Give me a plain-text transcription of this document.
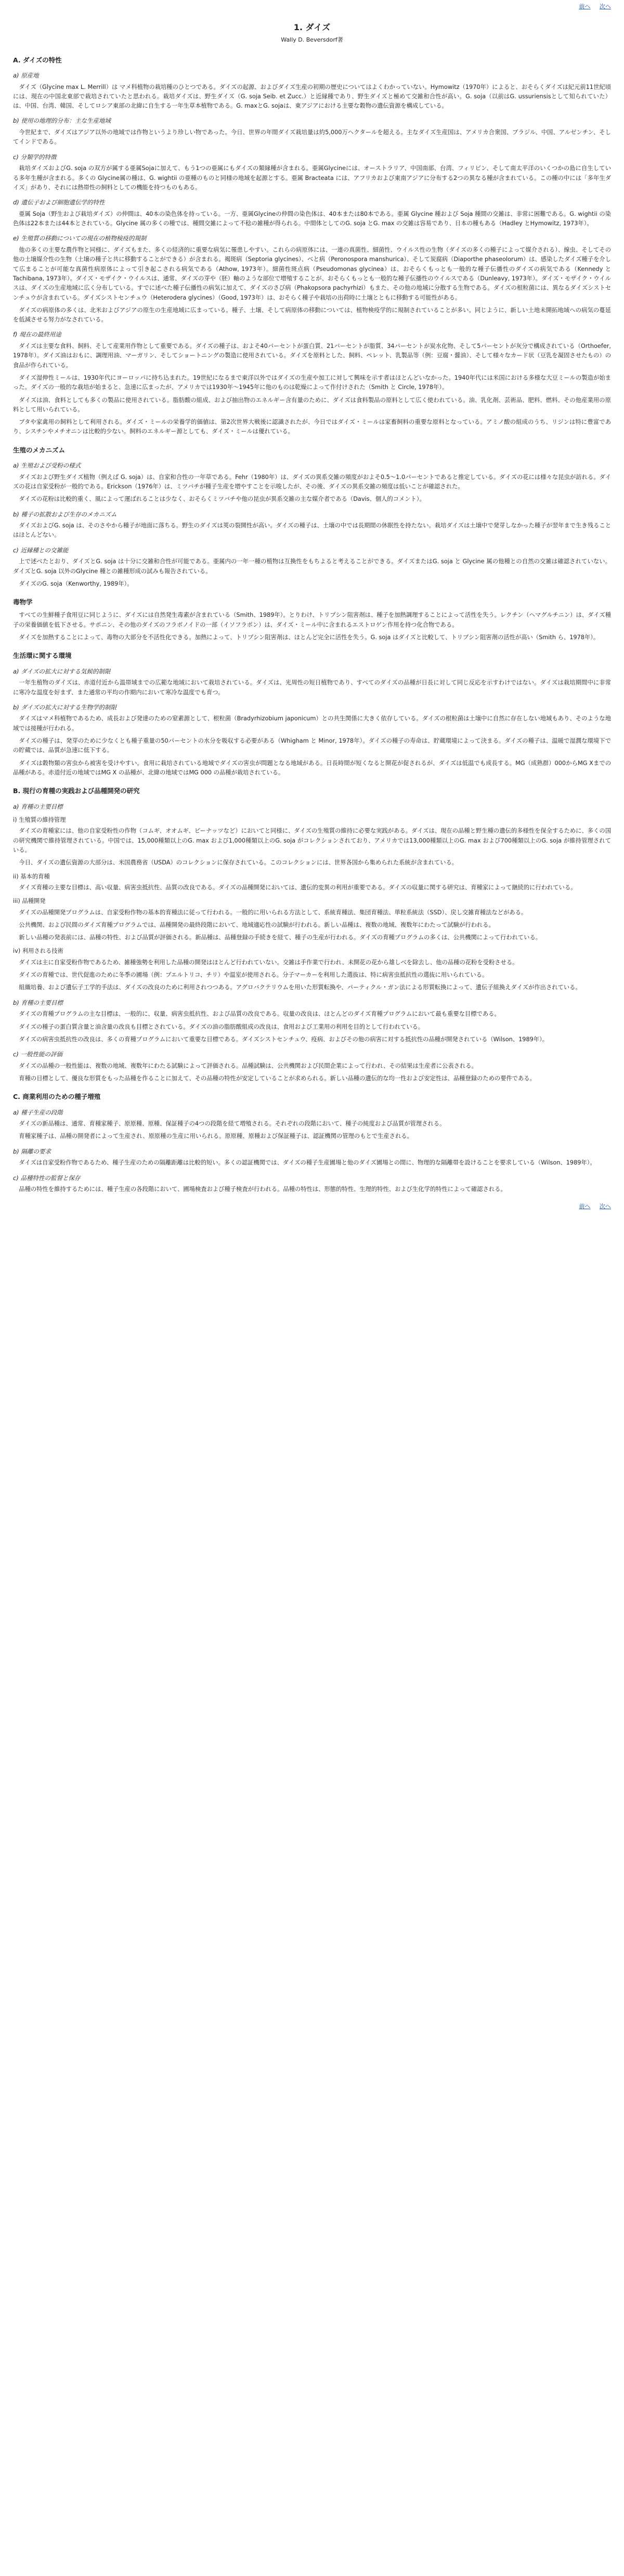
前へ 次へ
1. ダイズ
Wally D. Beversdorf著
A. ダイズの特性
a) 原産地

ダイズ（Glycine max L. Merrill）は マメ科植物の栽培種のひとつである。ダイズの起源、およびダイズ生産の初期の歴史についてはよくわかっていない。Hymowitz（1970年）によると、おそらくダイズは紀元前11世紀頃には、現在の中国北東部で栽培されていたと思われる。栽培ダイズは、野生ダイズ（G. soja Seib. et Zucc.）と近縁種であり、野生ダイズと極めて交雑和合性が高い。G. soja（以前はG. ussuriensisとして知られていた）は、中国、台湾、韓国、そしてロシア東部の北緯に自生する一年生草本植物である。G. maxとG. sojaは、東アジアにおける主要な穀物の遺伝資源を構成している。

b) 使用の地理的分布：主な生産地域

今世紀まで、ダイズはアジア以外の地域では作物というより珍しい物であった。今日、世界の年間ダイズ栽培量は約5,000万ヘクタールを超える。主なダイズ生産国は、アメリカ合衆国、ブラジル、中国、アルゼンチン、そしてインドである。

c) 分類学的特徴

栽培ダイズおよびG. soja の双方が属する亜属Sojaに加えて、もう1つの亜属にもダイズの類縁種が含まれる。亜属Glycineには、オーストラリア、中国南部、台湾、フィリピン、そして南太平洋のいくつかの島に自生している多年生種が含まれる。多くの Glycine属の種は、G. wightii の亜種のものと同様の地域を起源とする。亜属 Bracteata には、アフリカおよび東南アジアに分布する2つの異なる種が含まれている。この種の中には「多年生ダイズ」があり、それには熱帯性の飼料としての機能を持つものもある。

d) 遺伝子および細胞遺伝学的特性

亜属 Soja（野生および栽培ダイズ）の仲間は、40本の染色体を持っている。一方、亜属Glycineの仲間の染色体は、40本または80本である。亜属 Glycine 種および Soja 種間の交雑は、非常に困難である。G. wightii の染色体は22本または44本とされている。Glycine 属の多くの種では、種間交雑によって不稔の雑種が得られる。中間体としてのG. soja とG. max の交雑は容易であり、日本の種もある（Hadley とHymowitz, 1973年）。

e) 生殖質の移動についての現在の植物検疫的規制

他の多くの主要な農作物と同様に、ダイズもまた、多くの経済的に重要な病気に罹患しやすい。これらの病原体には、一連の真菌性、細菌性、ウイルス性の生物（ダイズの多くの種子によって媒介される）、線虫、そしてその他の土壌媒介性の生物（土壌の種子と共に移動することができる）が含まれる。褐斑病（Septoria glycines）、べと病（Peronospora manshurica）、そして炭腐病（Diaporthe phaseolorum）は、感染したダイズ種子を介して広まることが可能な真菌性病原体によって引き起こされる病気である（Athow, 1973年）。細菌性斑点病（Pseudomonas glycinea）は、おそらくもっとも一般的な種子伝播性のダイズの病気である（Kennedy と Tachibana, 1973年）。ダイズ・モザイク・ウイルスは、通常、ダイズの芽や（胚）軸のような部位で増殖することが、おそらくもっとも一般的な種子伝播性のウイルスである（Dunleavy, 1973年）。ダイズ・モザイク・ウイルスは、ダイズの生産地域に広く分布している。すでに述べた種子伝播性の病気に加えて、ダイズのさび病（Phakopsora pachyrhizi）もまた、その他の地域に分散する生物である。ダイズの根粒菌には、異なるダイズシストセンチュウが含まれている。ダイズシストセンチュウ（Heterodera glycines）（Good, 1973年）は、おそらく種子や栽培の出荷時に土壌とともに移動する可能性がある。

ダイズの病原体の多くは、北米およびアジアの原生の生産地域に広まっている。種子、土壌、そして病原体の移動については、植物検疫学的に規制されていることが多い。同じように、新しい土地未開拓地域への病気の蔓延を低減させる努力がなされている。

f) 現在の最終用途

ダイズは主要な食料、飼料、そして産業用作物として重要である。ダイズの種子は、およそ40パーセントが蛋白質、21パーセントが脂質、34パーセントが炭水化物、そして5パーセントが灰分で構成されている（Orthoefer, 1978年）。ダイズ油はおもに、調理用油、マーガリン、そしてショートニングの製造に使用されている。ダイズを原料とした、飼料、ペレット、乳製品等（例：豆腐・醤油）、そして様々なカード状（豆乳を凝固させたもの）の食品が作られている。

ダイズ湿伸性ミールは、1930年代にヨーロッパに持ち込まれた。19世紀になるまで東洋以外ではダイズの生産や加工に対して興味を示す者はほとんどいなかった。1940年代には米国における多様な大豆ミールの製造が始まった。ダイズの一般的な栽培が始まると、急速に広まったが、アメリカでは1930年～1945年に他のものは乾燥によって作付けされた（Smith と Circle, 1978年）。

ダイズは油、食料としても多くの製品に使用されている。脂肪酸の組成、および抽出物のエネルギー含有量のために、ダイズは食料製品の原料として広く使われている。油、乳化剤、芸術品、肥料、燃料、その他産業用の原料として用いられている。

ブタや家禽用の飼料として利用される。ダイズ・ミールの栄養学的価値は、第2次世界大戦後に認識されたが、今日ではダイズ・ミールは家畜飼料の重要な原料となっている。アミノ酸の組成のうち、リジンは特に豊富であり、シスチンやメチオニンは比較的少ない。飼料のエネルギー源としても、ダイズ・ミールは優れている。

生殖のメカニズム
a) 生殖および受粉の様式

ダイズおよび野生ダイズ植物（例えば G. soja）は、自家和合性の一年草である。Fehr（1980年）は、ダイズの異系交雑の頻度がおよそ0.5～1.0パーセントであると推定している。ダイズの花には様々な昆虫が訪れる。ダイズの花は自家受粉が一般的である。Erickson（1976年）は、ミツバチが種子生産を増やすことを示唆したが、その後、ダイズの異系交雑の頻度は低いことが確認された。

ダイズの花粉は比較的重く、風によって運ばれることは少なく、おそらくミツバチや他の昆虫が異系交雑の主な媒介者である（Davis、個人的コメント）。

b) 種子の拡散および生存のメカニズム

ダイズおよびG. soja は、そのさやから種子が地面に落ちる。野生のダイズは莢の裂開性が高い。ダイズの種子は、土壌の中では長期間の休眠性を持たない。栽培ダイズは土壌中で発芽しなかった種子が翌年まで生き残ることはほとんどない。

c) 近縁種との交雑能

上で述べたとおり、ダイズとG. soja は十分に交雑和合性が可能である。亜属内の一年一種の植物は互換性をもちよると考えることができる。ダイズまたはG. soja と Glycine 属の他種との自然の交雑は確認されていない。ダイズとG. soja 以外のGlycine 種との雑種形成の試みも報告されている。

ダイズのG. soja（Kenworthy, 1989年）。

毒物学

すべての生鮮種子食用豆に同じように、ダイズには自然発生毒素が含まれている（Smith、1989年）。とりわけ、トリプシン阻害剤は、種子を加熱調理することによって活性を失う。レクチン（ヘマグルチニン）は、ダイズ種子の栄養価値を低下させる。サポニン、その他のダイズのフラボノイドの一部（イソフラボン）は、ダイズ・ミール中に含まれるエストロゲン作用を持つ化合物である。

ダイズを加熱することによって、毒物の大部分を不活性化できる。加熱によって、トリプシン阻害剤は、ほとんど完全に活性を失う。G. soja はダイズと比較して、トリプシン阻害剤の活性が高い（Smith ら、1978年）。

生活環に関する環境
a) ダイズの拡大に対する気候的制限

一年生植物のダイズは、赤道付近から温帯域までの広範な地域において栽培されている。ダイズは、光周性の短日植物であり、すべてのダイズの品種が日長に対して同じ反応を示すわけではない。ダイズは栽培期間中に非常に寒冷な温度を好まず、また通常の平均の作期内において寒冷な温度でも育つ。

b) ダイズの拡大に対する生物学的制限

ダイズはマメ科植物であるため、成長および発達のための窒素源として、根粒菌（Bradyrhizobium japonicum）との共生関係に大きく依存している。ダイズの根粒菌は土壌中に自然に存在しない地域もあり、そのような地域では接種が行われる。

ダイズの種子は、発芽のために少なくとも種子重量の50パーセントの水分を吸収する必要がある（Whigham と Minor, 1978年）。ダイズの種子の寿命は、貯蔵環境によって決まる。ダイズの種子は、温暖で湿潤な環境下での貯蔵では、品質が急速に低下する。

ダイズは穀物類の害虫から被害を受けやすい。食用に栽培されている地域でダイズの害虫が問題となる地域がある。日長時間が短くなると開花が促されるが、ダイズは低温でも成長する。MG（成熟群）000からMG Xまでの品種がある。赤道付近の地域ではMG X の品種が、北緯の地域ではMG 000 の品種が栽培されている。

B. 現行の育種の実践および品種開発の研究
a) 育種の主要目標
i) 生殖質の維持管理

ダイズの育種家には、他の自家受粉性の作物（コムギ、オオムギ、ピーナッツなど）においてと同様に、ダイズの生殖質の維持に必要な実践がある。ダイズは、現在の品種と野生種の遺伝的多様性を保全するために、多くの国の研究機関で維持管理されている。中国では、15,000種類以上のG. max および1,000種類以上のG. soja がコレクションされており、アメリカでは13,000種類以上のG. max および700種類以上のG. soja が維持管理されている。

今日、ダイズの遺伝資源の大部分は、米国農務省（USDA）のコレクションに保存されている。このコレクションには、世界各国から集められた系統が含まれている。

ii) 基本的育種

ダイズ育種の主要な目標は、高い収量、病害虫抵抗性、品質の改良である。ダイズの品種開発においては、遺伝的変異の利用が重要である。ダイズの収量に関する研究は、育種家によって継続的に行われている。

iii) 品種開発

ダイズの品種開発プログラムは、自家受粉作物の基本的育種法に従って行われる。一般的に用いられる方法として、系統育種法、集団育種法、単粒系統法（SSD）、戻し交雑育種法などがある。

公共機関、および民間のダイズ育種プログラムでは、品種開発の最終段階において、地域適応性の試験が行われる。新しい品種は、複数の地域、複数年にわたって試験が行われる。

新しい品種の発表前には、品種の特性、および品質が評価される。新品種は、品種登録の手続きを経て、種子の生産が行われる。ダイズの育種プログラムの多くは、公共機関によって行われている。

iv) 利用される技術

ダイズは主に自家受粉作物であるため、雑種強勢を利用した品種の開発はほとんど行われていない。交雑は手作業で行われ、未開花の花から雄しべを除去し、他の品種の花粉を受粉させる。

ダイズの育種では、世代促進のために冬季の圃場（例：プエルトリコ、チリ）や温室が使用される。分子マーカーを利用した選抜は、特に病害虫抵抗性の選抜に用いられている。

組織培養、および遺伝子工学的手法は、ダイズの改良のために利用されつつある。アグロバクテリウムを用いた形質転換や、パーティクル・ガン法による形質転換によって、遺伝子組換えダイズが作出されている。

b) 育種の主要目標

ダイズの育種プログラムの主な目標は、一般的に、収量、病害虫抵抗性、および品質の改良である。収量の改良は、ほとんどのダイズ育種プログラムにおいて最も重要な目標である。

ダイズの種子の蛋白質含量と油含量の改良も目標とされている。ダイズの油の脂肪酸組成の改良は、食用および工業用の利用を目的として行われている。

ダイズの病害虫抵抗性の改良は、多くの育種プログラムにおいて重要な目標である。ダイズシストセンチュウ、疫病、およびその他の病害に対する抵抗性の品種が開発されている（Wilson、1989年）。

c) 一般性能の評価

ダイズの品種の一般性能は、複数の地域、複数年にわたる試験によって評価される。品種試験は、公共機関および民間企業によって行われ、その結果は生産者に公表される。

育種の目標として、優良な形質をもった品種を作ることに加えて、その品種の特性が安定していることが求められる。新しい品種の遺伝的な均一性および安定性は、品種登録のための要件である。

C. 商業利用のための種子増殖
a) 種子生産の段階

ダイズの新品種は、通常、育種家種子、原原種、原種、保証種子の4つの段階を経て増殖される。それぞれの段階において、種子の純度および品質が管理される。

育種家種子は、品種の開発者によって生産され、原原種の生産に用いられる。原原種、原種および保証種子は、認証機関の管理のもとで生産される。

b) 隔離の要求

ダイズは自家受粉作物であるため、種子生産のための隔離距離は比較的短い。多くの認証機関では、ダイズの種子生産圃場と他のダイズ圃場との間に、物理的な隔離帯を設けることを要求している（Wilson、1989年）。

c) 品種特性の監督と保存

品種の特性を維持するためには、種子生産の各段階において、圃場検査および種子検査が行われる。品種の特性は、形態的特性、生理的特性、および生化学的特性によって確認される。

前へ 次へ
